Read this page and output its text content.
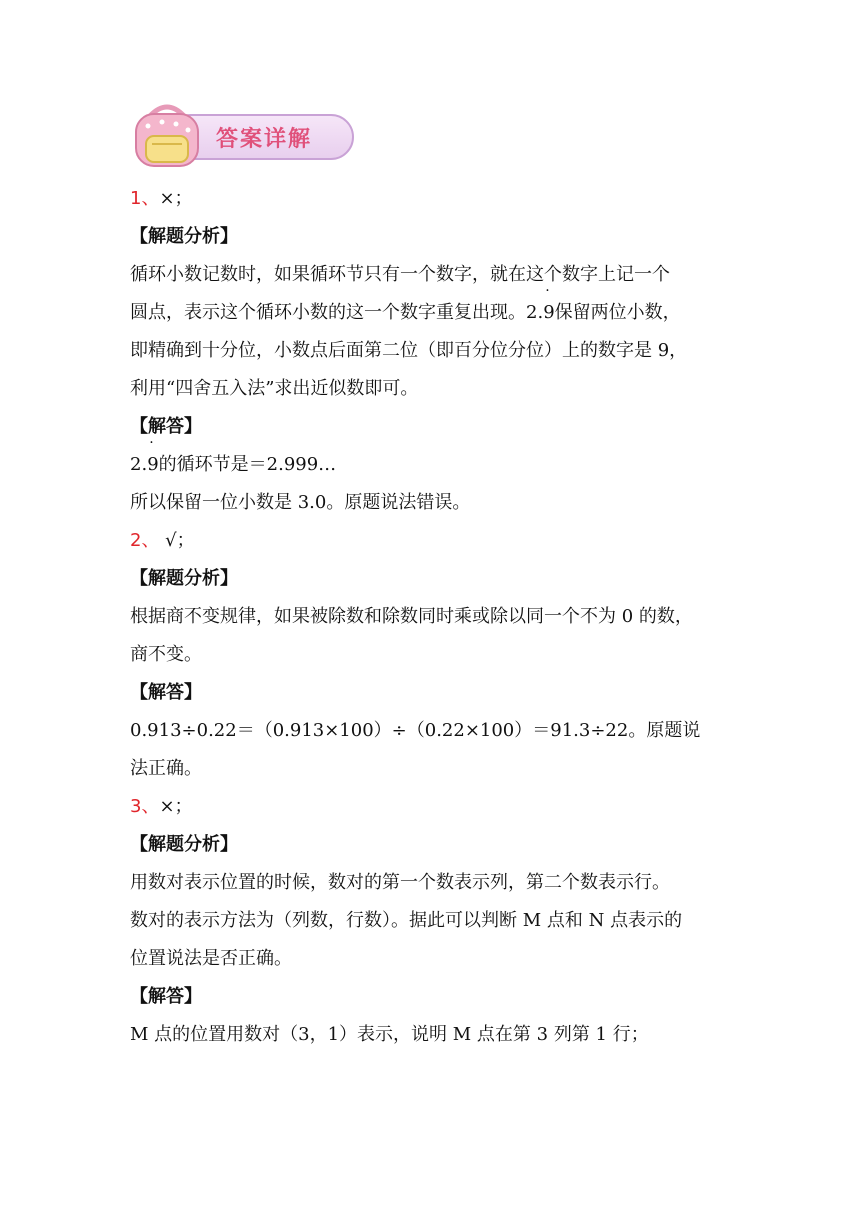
答案详解
1、×；
【解题分析】
循环小数记数时，如果循环节只有一个数字，就在这个数字上记一个
圆点，表示这个循环小数的这一个数字重复出现。2.· 9保留两位小数，
即精确到十分位，小数点后面第二位（即百分位分位）上的数字是 9，
利用“四舍五入法”求出近似数即可。
【解答】
2.· 9的循环节是＝2.999…
所以保留一位小数是 3.0。原题说法错误。
2、 √；
【解题分析】
根据商不变规律，如果被除数和除数同时乘或除以同一个不为 0 的数，
商不变。
【解答】
0.913÷0.22＝（0.913×100）÷（0.22×100）＝91.3÷22。原题说
法正确。
3、×；
【解题分析】
用数对表示位置的时候，数对的第一个数表示列，第二个数表示行。
数对的表示方法为（列数，行数）。据此可以判断 M 点和 N 点表示的
位置说法是否正确。
【解答】
M 点的位置用数对（3，1）表示，说明 M 点在第 3 列第 1 行；
